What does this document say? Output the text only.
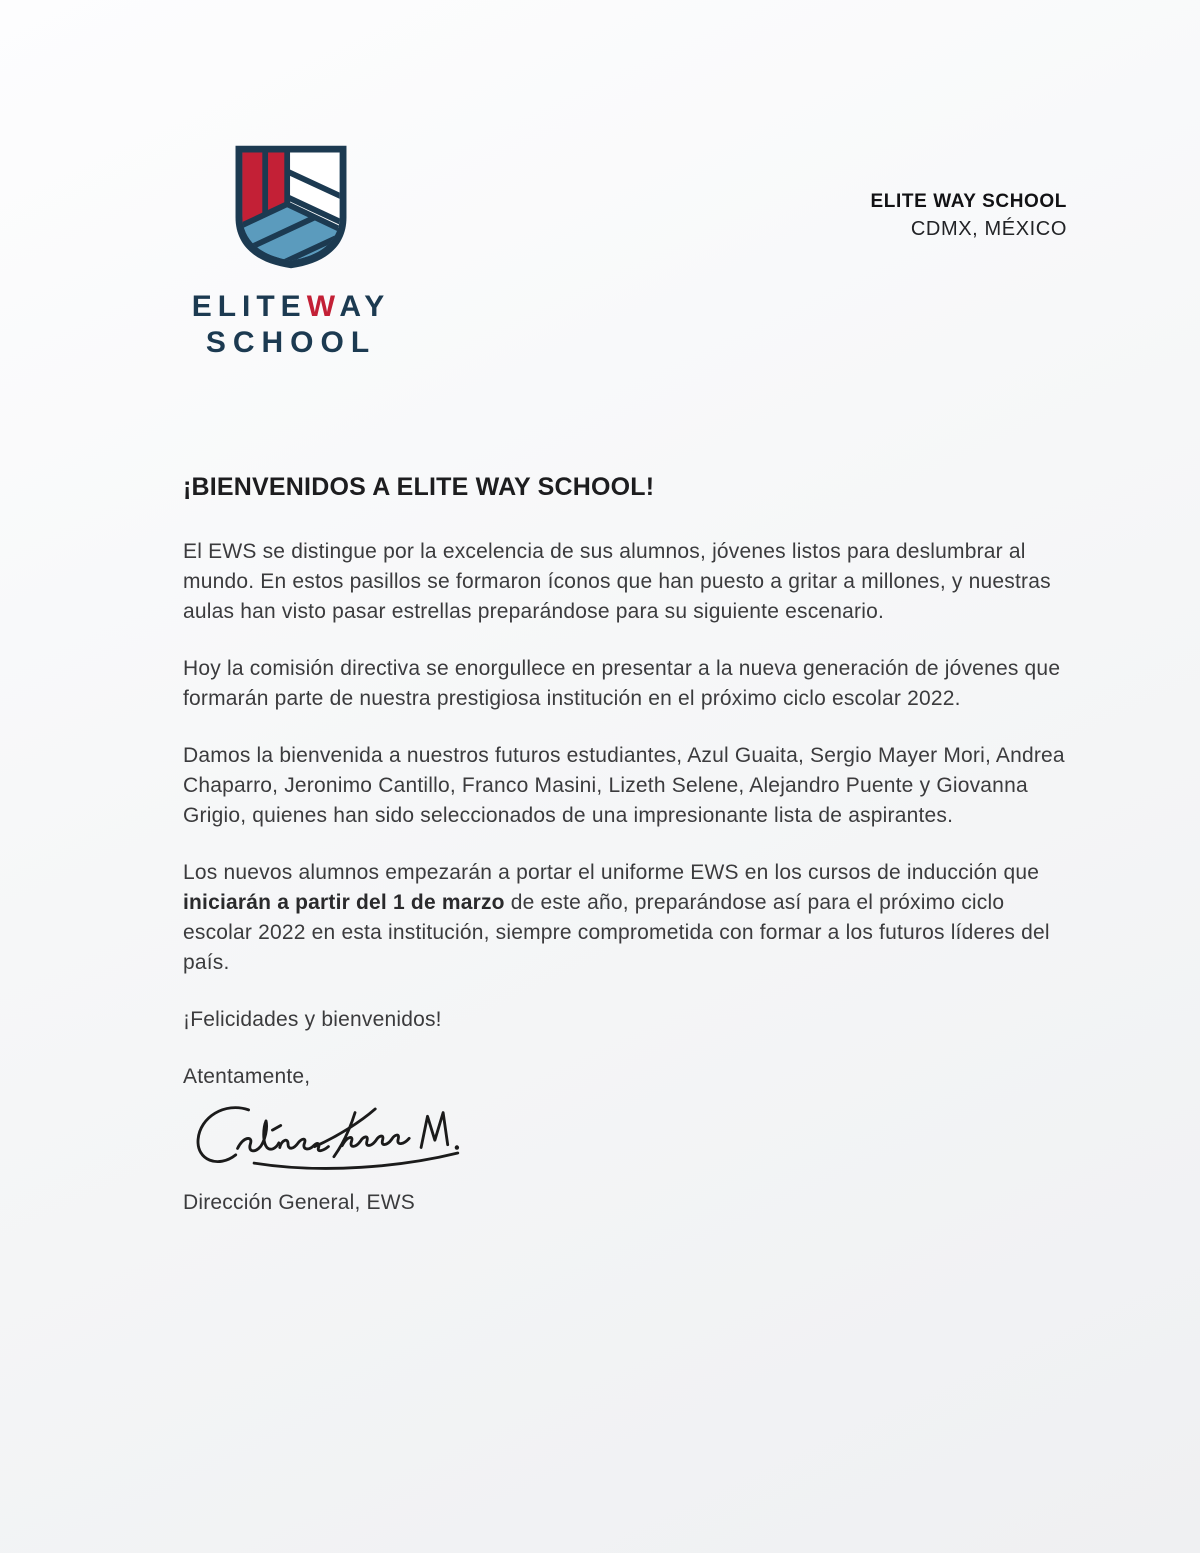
ELITEWAY
SCHOOL
ELITE WAY SCHOOL
CDMX, MÉXICO
¡BIENVENIDOS A ELITE WAY SCHOOL!

El EWS se distingue por la excelencia de sus alumnos, jóvenes listos para deslumbrar al mundo. En estos pasillos se formaron íconos que han puesto a gritar a millones, y nuestras aulas han visto pasar estrellas preparándose para su siguiente escenario.

Hoy la comisión directiva se enorgullece en presentar a la nueva generación de jóvenes que formarán parte de nuestra prestigiosa institución en el próximo ciclo escolar 2022.

Damos la bienvenida a nuestros futuros estudiantes, Azul Guaita, Sergio Mayer Mori, Andrea Chaparro, Jeronimo Cantillo, Franco Masini, Lizeth Selene, Alejandro Puente y Giovanna Grigio, quienes han sido seleccionados de una impresionante lista de aspirantes.

Los nuevos alumnos empezarán a portar el uniforme EWS en los cursos de inducción que iniciarán a partir del 1 de marzo de este año, preparándose así para el próximo ciclo escolar 2022 en esta institución, siempre comprometida con formar a los futuros líderes del país.

¡Felicidades y bienvenidos!

Atentamente,

Dirección General, EWS
